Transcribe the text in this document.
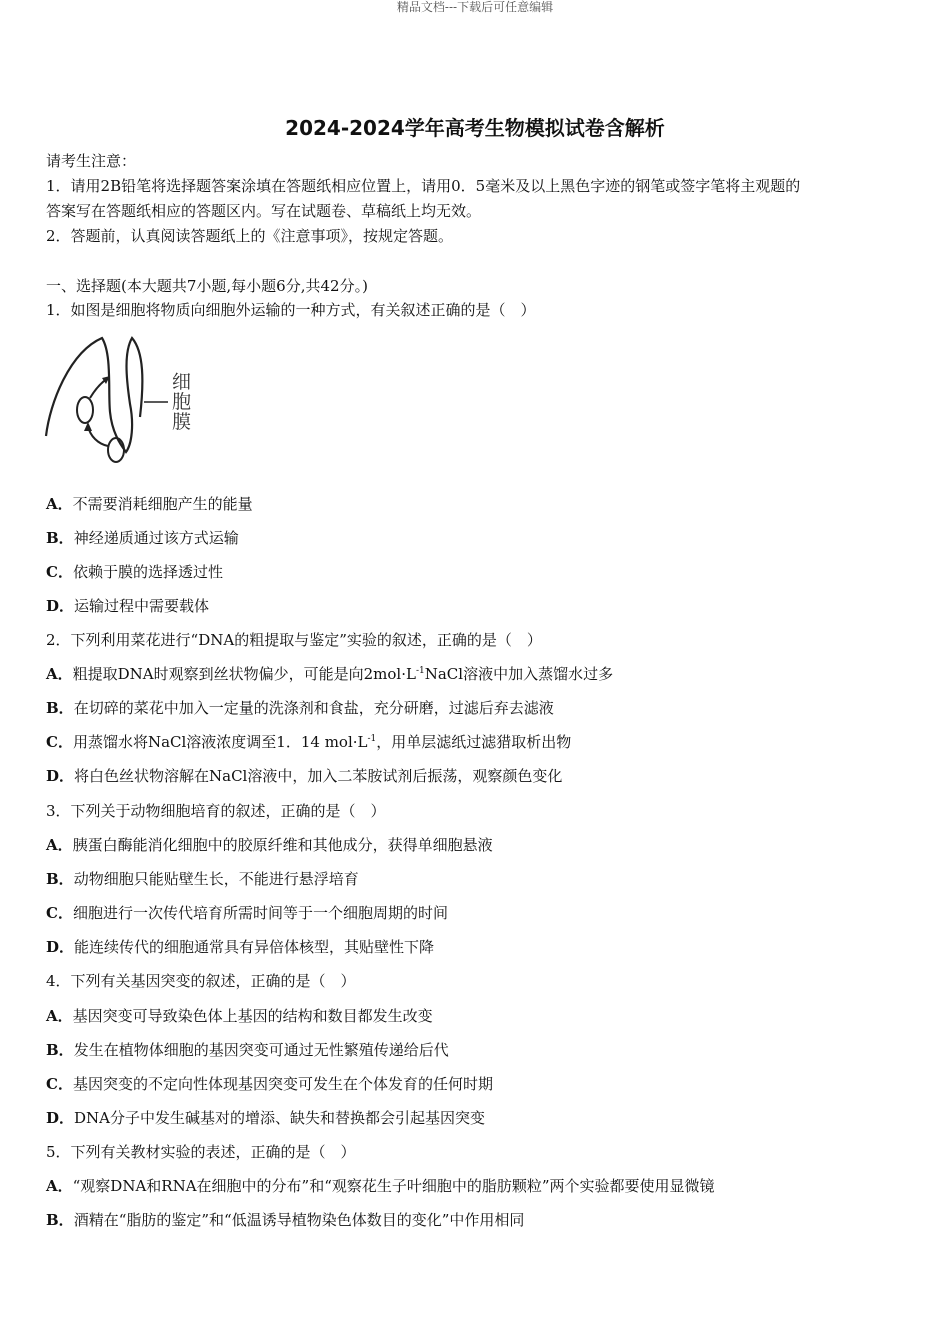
精品文档---下载后可任意编辑
2024-2024学年高考生物模拟试卷含解析
请考生注意：
1．请用2B铅笔将选择题答案涂填在答题纸相应位置上，请用0．5毫米及以上黑色字迹的钢笔或签字笔将主观题的
答案写在答题纸相应的答题区内。写在试题卷、草稿纸上均无效。
2．答题前，认真阅读答题纸上的《注意事项》，按规定答题。
一、选择题(本大题共7小题,每小题6分,共42分。)
1．如图是细胞将物质向细胞外运输的一种方式，有关叙述正确的是（　）
细
胞
膜
A．不需要消耗细胞产生的能量
B．神经递质通过该方式运输
C．依赖于膜的选择透过性
D．运输过程中需要载体
2．下列利用菜花进行“DNA的粗提取与鉴定”实验的叙述，正确的是（　）
A．粗提取DNA时观察到丝状物偏少，可能是向$2mol\cdot L^{-1}NaCl$溶液中加入蒸馏水过多
B．在切碎的菜花中加入一定量的洗涤剂和食盐，充分研磨，过滤后弃去滤液
C．用蒸馏水将NaCl溶液浓度调至1．14 $mol\cdot L^{-1}$，用单层滤纸过滤猎取析出物
D．将白色丝状物溶解在NaCl溶液中，加入二苯胺试剂后振荡，观察颜色变化
3．下列关于动物细胞培育的叙述，正确的是（　）
A．胰蛋白酶能消化细胞中的胶原纤维和其他成分，获得单细胞悬液
B．动物细胞只能贴壁生长，不能进行悬浮培育
C．细胞进行一次传代培育所需时间等于一个细胞周期的时间
D．能连续传代的细胞通常具有异倍体核型，其贴壁性下降
4．下列有关基因突变的叙述，正确的是（　）
A．基因突变可导致染色体上基因的结构和数目都发生改变
B．发生在植物体细胞的基因突变可通过无性繁殖传递给后代
C．基因突变的不定向性体现基因突变可发生在个体发育的任何时期
D．DNA分子中发生碱基对的增添、缺失和替换都会引起基因突变
5．下列有关教材实验的表述，正确的是（　）
A．“观察DNA和RNA在细胞中的分布”和“观察花生子叶细胞中的脂肪颗粒”两个实验都要使用显微镜
B．酒精在“脂肪的鉴定”和“低温诱导植物染色体数目的变化”中作用相同
